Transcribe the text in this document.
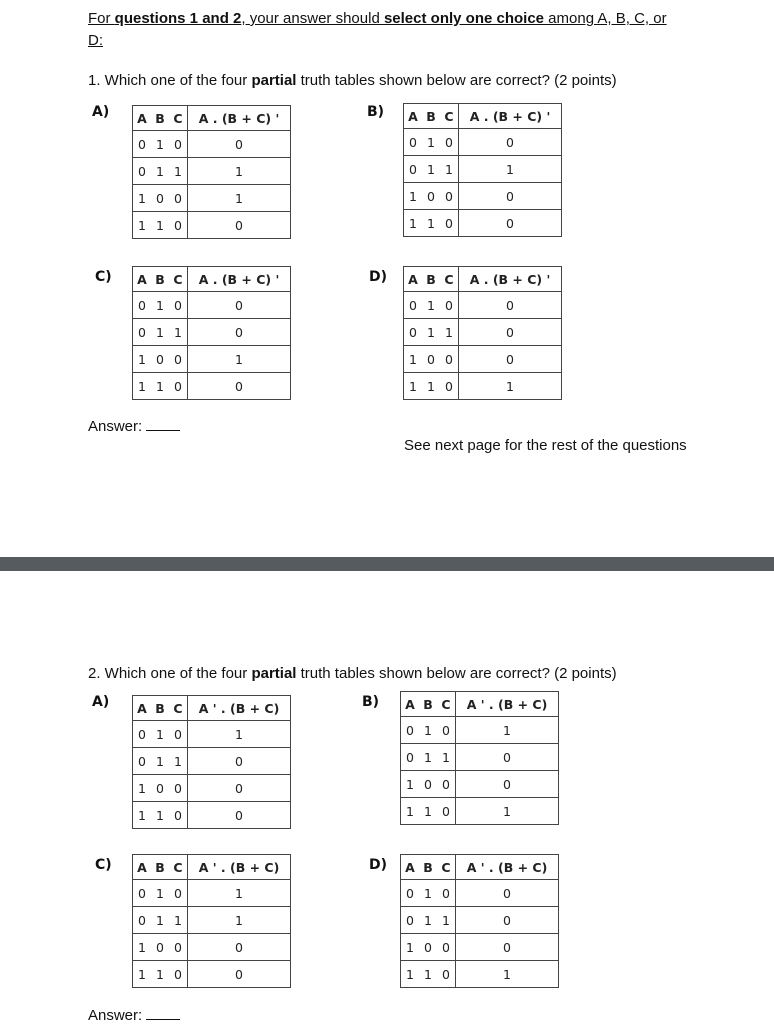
For questions 1 and 2, your answer should select only one choice among A, B, C, or
D:
1. Which one of the four partial truth tables shown below are correct? (2 points)
A) A	B	C	A . (B + C) '
0	1	0	0
0	1	1	1
1	0	0	1
1	1	0	0
B) A	B	C	A . (B + C) '
0	1	0	0
0	1	1	1
1	0	0	0
1	1	0	0
C) A	B	C	A . (B + C) '
0	1	0	0
0	1	1	0
1	0	0	1
1	1	0	0
D) A	B	C	A . (B + C) '
0	1	0	0
0	1	1	0
1	0	0	0
1	1	0	1
Answer:
See next page for the rest of the questions
2. Which one of the four partial truth tables shown below are correct? (2 points)
A) A	B	C	A ' . (B + C)
0	1	0	1
0	1	1	0
1	0	0	0
1	1	0	0
B) A	B	C	A ' . (B + C)
0	1	0	1
0	1	1	0
1	0	0	0
1	1	0	1
C) A	B	C	A ' . (B + C)
0	1	0	1
0	1	1	1
1	0	0	0
1	1	0	0
D) A	B	C	A ' . (B + C)
0	1	0	0
0	1	1	0
1	0	0	0
1	1	0	1
Answer:
